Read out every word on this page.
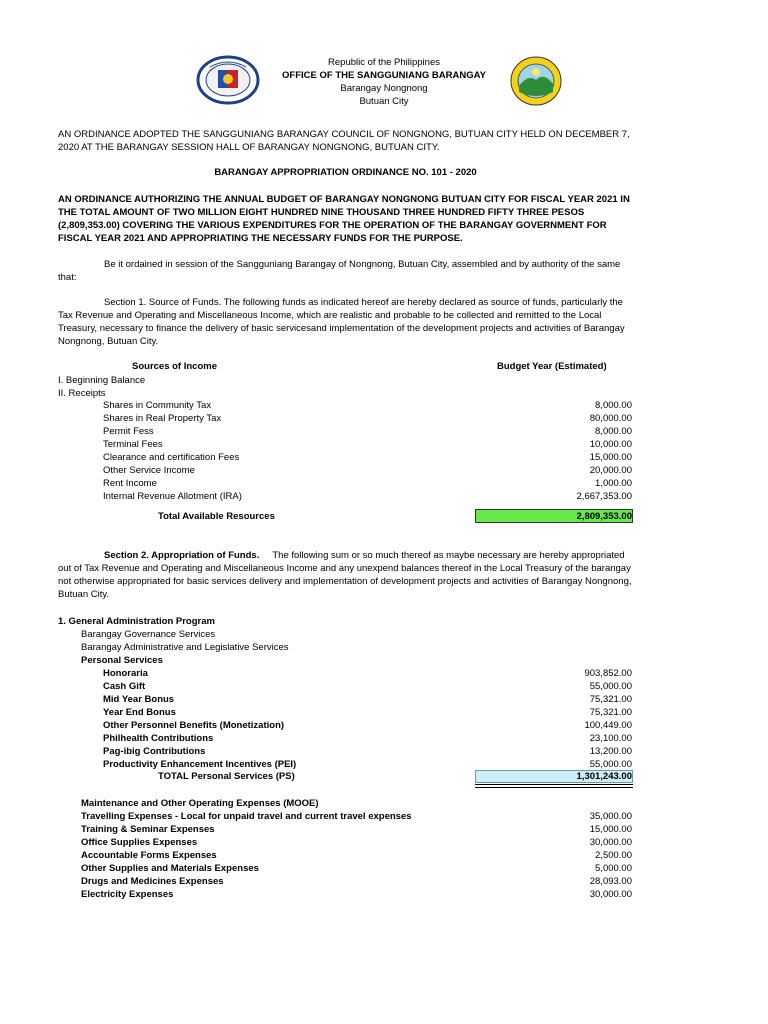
Republic of the Philippines
OFFICE OF THE SANGGUNIANG BARANGAY
Barangay Nongnong
Butuan City
AN ORDINANCE ADOPTED THE SANGGUNIANG BARANGAY COUNCIL OF NONGNONG, BUTUAN CITY HELD ON DECEMBER 7, 2020 AT THE BARANGAY SESSION HALL OF BARANGAY NONGNONG, BUTUAN CITY.
BARANGAY APPROPRIATION ORDINANCE NO. 101 - 2020
AN ORDINANCE AUTHORIZING THE ANNUAL BUDGET OF BARANGAY NONGNONG BUTUAN CITY FOR FISCAL YEAR 2021 IN THE TOTAL AMOUNT OF TWO MILLION EIGHT HUNDRED NINE THOUSAND THREE HUNDRED FIFTY THREE PESOS (2,809,353.00) COVERING THE VARIOUS EXPENDITURES FOR THE OPERATION OF THE BARANGAY GOVERNMENT FOR FISCAL YEAR 2021 AND APPROPRIATING THE NECESSARY FUNDS FOR THE PURPOSE.
Be it ordained in session of the Sangguniang Barangay of Nongnong, Butuan City, assembled and by authority of the same that:
Section 1. Source of Funds. The following funds as indicated hereof are hereby declared as source of funds, particularly the Tax Revenue and Operating and Miscellaneous Income, which are realistic and probable to be collected and remitted to the Local Treasury, necessary to finance the delivery of basic servicesand implementation of the development projects and activities of Barangay Nongnong, Butuan City.
Sources of Income	Budget Year (Estimated)
I. Beginning Balance
II. Receipts
Shares in Community Tax	8,000.00
Shares in Real Property Tax	80,000.00
Permit Fess	8,000.00
Terminal Fees	10,000.00
Clearance and certification Fees	15,000.00
Other Service Income	20,000.00
Rent Income	1,000.00
Internal Revenue Allotment (IRA)	2,667,353.00
Total Available Resources	2,809,353.00
Section 2. Appropriation of Funds. The following sum or so much thereof as maybe necessary are hereby appropriated out of Tax Revenue and Operating and Miscellaneous Income and any unexpend balances thereof in the Local Treasury of the barangay not otherwise appropriated for basic services delivery and implementation of development projects and activities of Barangay Nongnong, Butuan City.
1. General Administration Program
Barangay Governance Services
Barangay Administrative and Legislative Services
Personal Services
Honoraria	903,852.00
Cash Gift	55,000.00
Mid Year Bonus	75,321.00
Year End Bonus	75,321.00
Other Personnel Benefits (Monetization)	100,449.00
Philhealth Contributions	23,100.00
Pag-ibig Contributions	13,200.00
Productivity Enhancement Incentives (PEI)	55,000.00
TOTAL Personal Services (PS)	1,301,243.00
Maintenance and Other Operating Expenses (MOOE)
Travelling Expenses - Local for unpaid travel and current travel expenses	35,000.00
Training & Seminar Expenses	15,000.00
Office Supplies Expenses	30,000.00
Accountable Forms Expenses	2,500.00
Other Supplies and Materials Expenses	5,000.00
Drugs and Medicines Expenses	28,093.00
Electricity Expenses	30,000.00
